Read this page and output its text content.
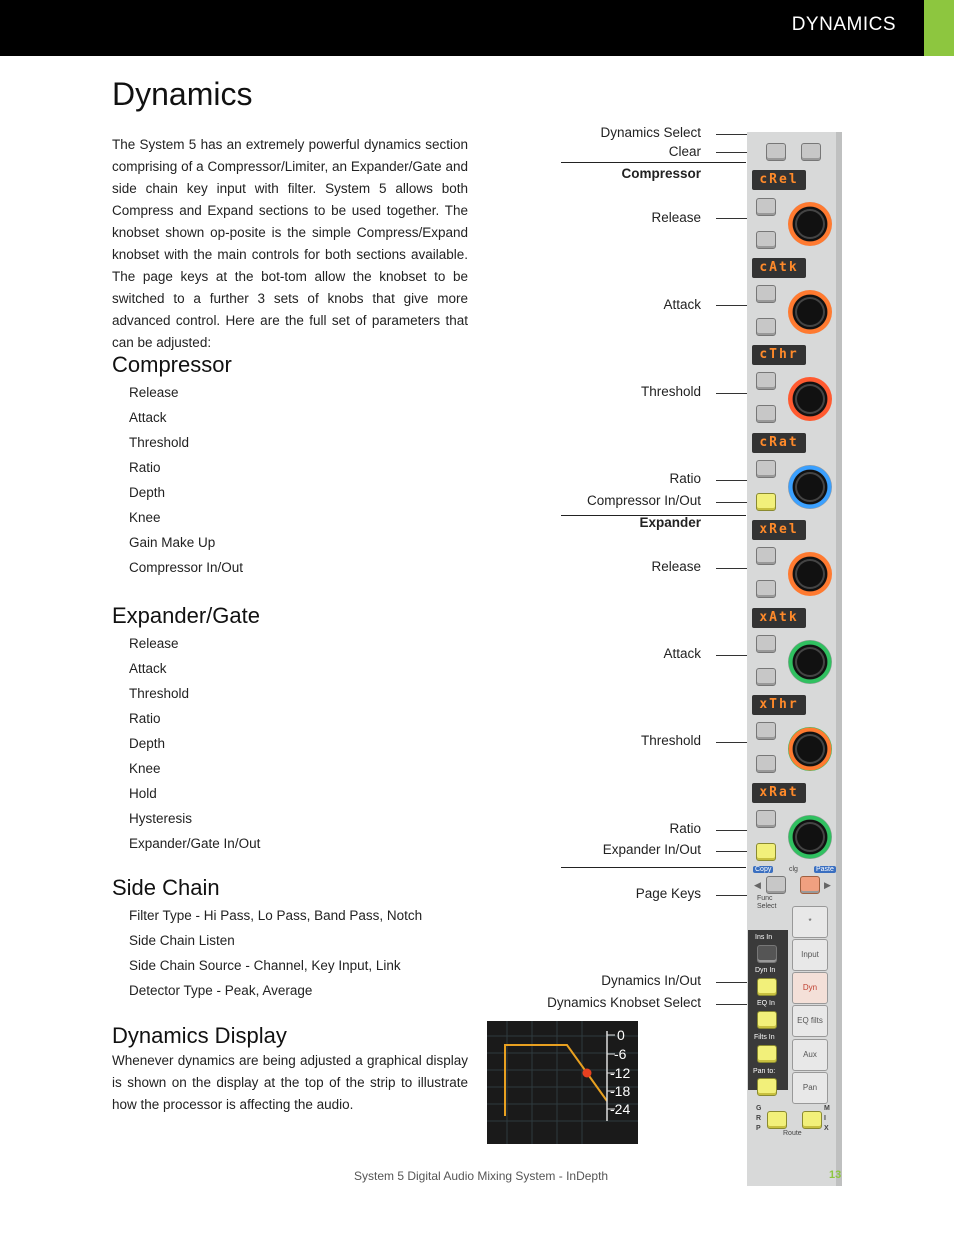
DYNAMICS
Dynamics
The System 5 has an extremely powerful dynamics section comprising of a Compressor/Limiter, an Expander/Gate and side chain key input with filter. System 5 allows both Compress and Expand sections to be used together. The knobset shown op-posite is the simple Compress/Expand knobset with the main controls for both sections available. The page keys at the bot-tom allow the knobset to be switched to a further 3 sets of knobs that give more advanced control. Here are the full set of parameters that can be adjusted:
Compressor
Release
Attack
Threshold
Ratio
Depth
Knee
Gain Make Up
Compressor In/Out
Expander/Gate
Release
Attack
Threshold
Ratio
Depth
Knee
Hold
Hysteresis
Expander/Gate In/Out
Side Chain
Filter Type - Hi Pass, Lo Pass, Band Pass, Notch
Side Chain Listen
Side Chain Source - Channel, Key Input, Link
Detector Type - Peak, Average
Dynamics Display
Whenever dynamics are being adjusted a graphical display is shown on the display at the top of the strip to illustrate how the processor is affecting the audio.
0
-6
-12
-18
-24
Dynamics Select
Clear
Compressor
Release
Attack
Threshold
Ratio
Compressor In/Out
Expander
Release
Attack
Threshold
Ratio
Expander In/Out
Page Keys
Dynamics In/Out
Dynamics Knobset Select
cRel
cAtk
cThr
cRat
xRel
xAtk
xThr
xRat
Copy	clg	Paste
◀	▶
Func Select
Ins In
Dyn In
EQ In
Filts In
Pan to:
*
Input
Dyn
EQ filts
Aux
Pan
G R P
M I X
Route
System 5 Digital Audio Mixing System - InDepth	13
